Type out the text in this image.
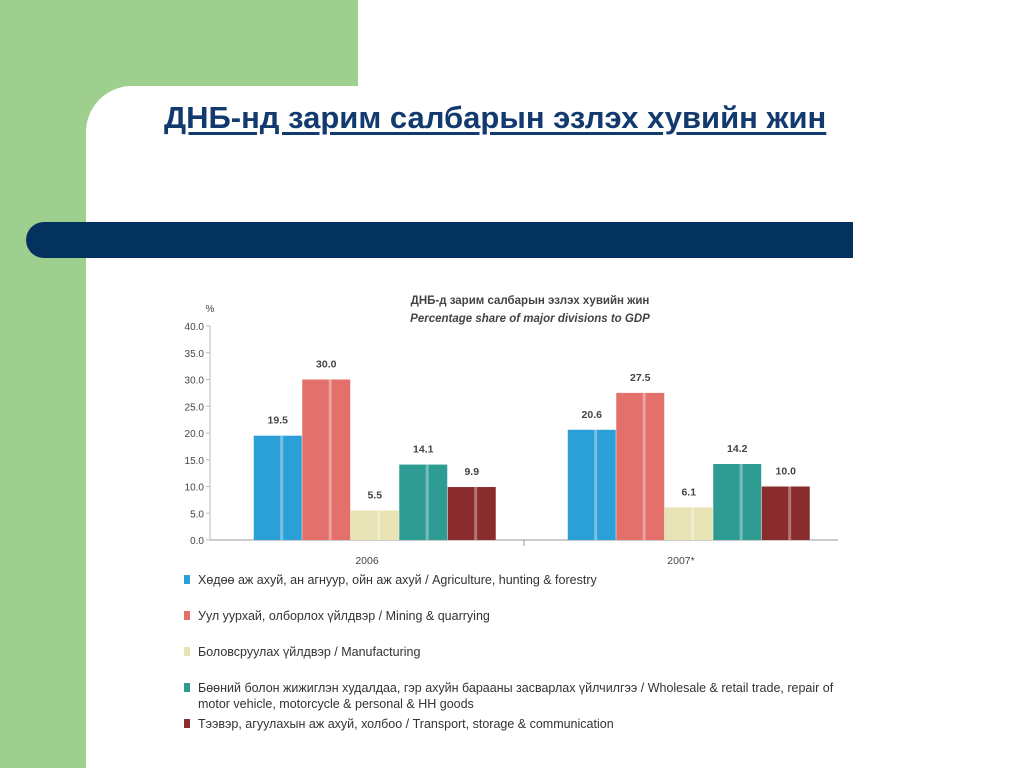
ДНБ-нд зарим салбарын эзлэх хувийн жин
ДНБ-д зарим салбарын эзлэх хувийн жин
Percentage share of major divisions to GDP
%
0.0
5.0
10.0
15.0
20.0
25.0
30.0
35.0
40.0
19.5
30.0
5.5
14.1
9.9
2006
20.6
27.5
6.1
14.2
10.0
2007*
Хөдөө аж ахуй, ан агнуур, ойн аж ахуй / Agriculture, hunting & forestry
Уул уурхай, олборлох үйлдвэр / Mining & quarrying
Боловсруулах үйлдвэр / Manufacturing
Бөөний болон жижиглэн худалдаа, гэр ахуйн барааны засварлах үйлчилгээ / Wholesale & retail trade, repair of motor vehicle, motorcycle & personal & HH goods
Тээвэр, агуулахын аж ахуй, холбоо / Transport, storage & communication
